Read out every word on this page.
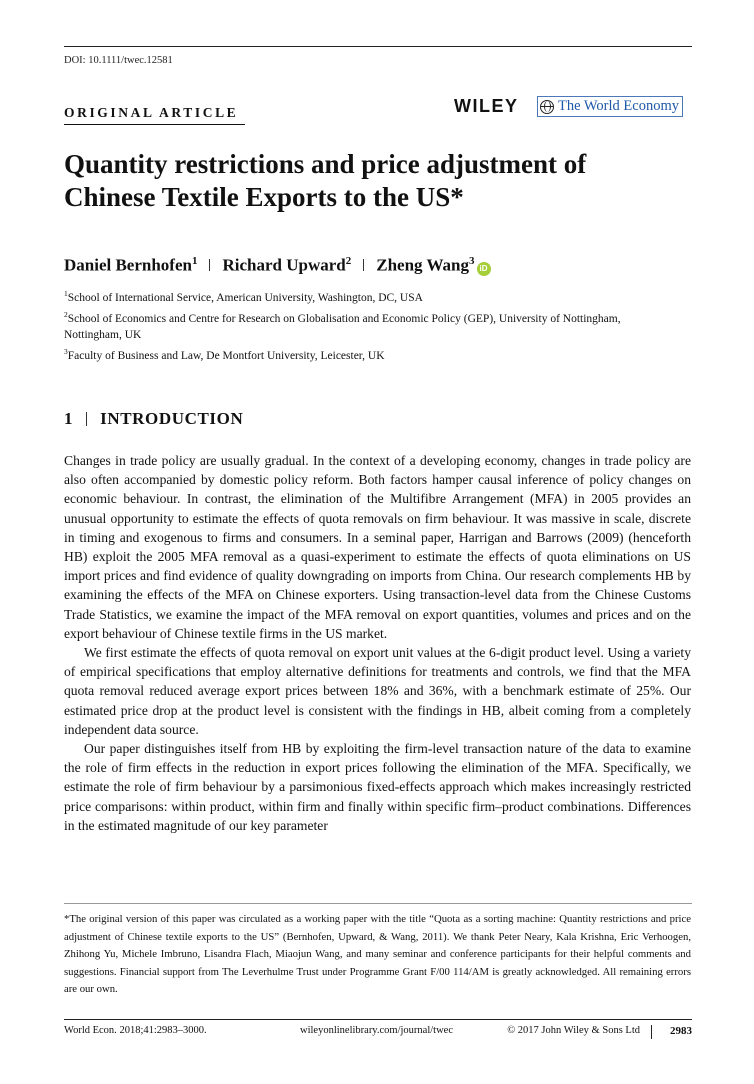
DOI: 10.1111/twec.12581
ORIGINAL ARTICLE	WILEY	The World Economy
Quantity restrictions and price adjustment of Chinese Textile Exports to the US*
Daniel Bernhofen$^1$ Richard Upward$^2$ Zheng Wang$^3$
iD
$^1$School of International Service, American University, Washington, DC, USA
$^2$School of Economics and Centre for Research on Globalisation and Economic Policy (GEP), University of Nottingham, Nottingham, UK
$^3$Faculty of Business and Law, De Montfort University, Leicester, UK
1 INTRODUCTION

Changes in trade policy are usually gradual. In the context of a developing economy, changes in trade policy are also often accompanied by domestic policy reform. Both factors hamper causal inference of policy changes on economic behaviour. In contrast, the elimination of the Multifibre Arrangement (MFA) in 2005 provides an unusual opportunity to estimate the effects of quota removals on firm behaviour. It was massive in scale, discrete in timing and exogenous to firms and consumers. In a seminal paper, Harrigan and Barrows (2009) (henceforth HB) exploit the 2005 MFA removal as a quasi-experiment to estimate the effects of quota eliminations on US import prices and find evidence of quality downgrading on imports from China. Our research complements HB by examining the effects of the MFA on Chinese exporters. Using transaction-level data from the Chinese Customs Trade Statistics, we examine the impact of the MFA removal on export quantities, volumes and prices and on the export behaviour of Chinese textile firms in the US market.

We first estimate the effects of quota removal on export unit values at the 6-digit product level. Using a variety of empirical specifications that employ alternative definitions for treatments and controls, we find that the MFA quota removal reduced average export prices between 18% and 36%, with a benchmark estimate of 25%. Our estimated price drop at the product level is consistent with the findings in HB, albeit coming from a completely independent data source.

Our paper distinguishes itself from HB by exploiting the firm-level transaction nature of the data to examine the role of firm effects in the reduction in export prices following the elimination of the MFA. Specifically, we estimate the role of firm behaviour by a parsimonious fixed-effects approach which makes increasingly restricted price comparisons: within product, within firm and finally within specific firm–product combinations. Differences in the estimated magnitude of our key parameter

*The original version of this paper was circulated as a working paper with the title “Quota as a sorting machine: Quantity restrictions and price adjustment of Chinese textile exports to the US” (Bernhofen, Upward, & Wang, 2011). We thank Peter Neary, Kala Krishna, Eric Verhoogen, Zhihong Yu, Michele Imbruno, Lisandra Flach, Miaojun Wang, and many seminar and conference participants for their helpful comments and suggestions. Financial support from The Leverhulme Trust under Programme Grant F/00 114/AM is greatly acknowledged. All remaining errors are our own.
World Econ. 2018;41:2983–3000.	wileyonlinelibrary.com/journal/twec	© 2017 John Wiley & Sons Ltd	2983
